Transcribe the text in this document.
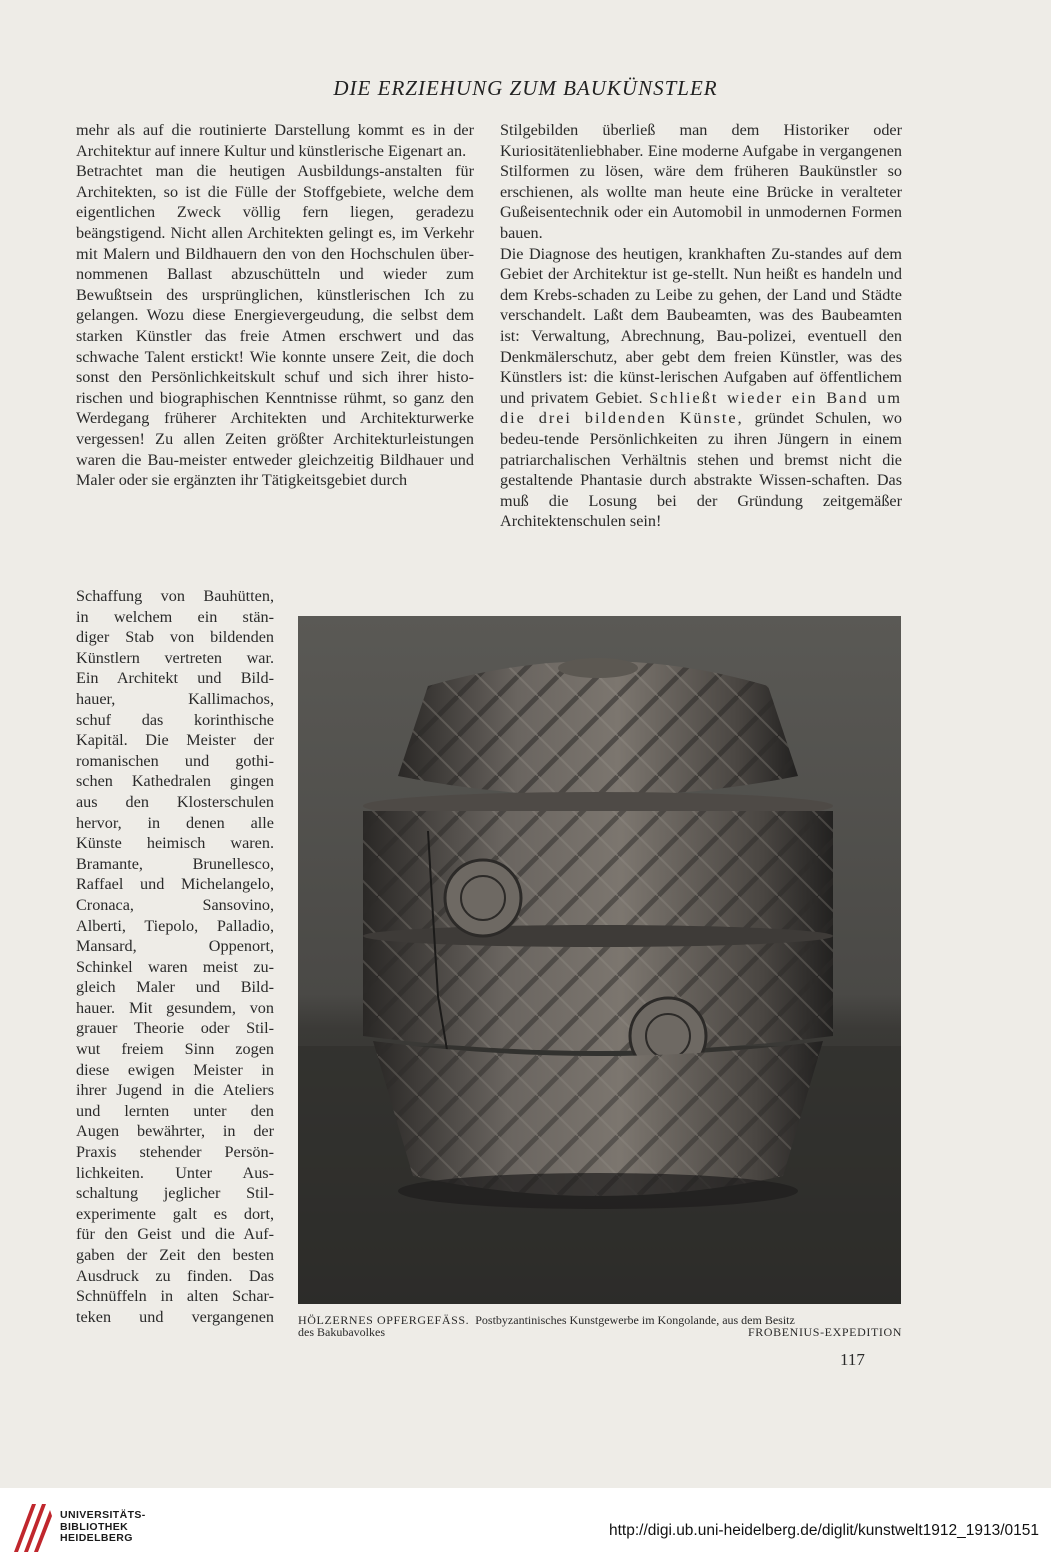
DIE ERZIEHUNG ZUM BAUKÜNSTLER

mehr als auf die routinierte Darstellung kommt es in der Architektur auf innere Kultur und künstlerische Eigenart an.

Betrachtet man die heutigen Ausbildungs-anstalten für Architekten, so ist die Fülle der Stoffgebiete, welche dem eigentlichen Zweck völlig fern liegen, geradezu beängstigend. Nicht allen Architekten gelingt es, im Verkehr mit Malern und Bildhauern den von den Hochschulen über-nommenen Ballast abzuschütteln und wieder zum Bewußtsein des ursprünglichen, künstlerischen Ich zu gelangen. Wozu diese Energievergeudung, die selbst dem starken Künstler das freie Atmen erschwert und das schwache Talent erstickt! Wie konnte unsere Zeit, die doch sonst den Persönlichkeitskult schuf und sich ihrer histo-rischen und biographischen Kenntnisse rühmt, so ganz den Werdegang früherer Architekten und Architekturwerke vergessen! Zu allen Zeiten größter Architekturleistungen waren die Bau-meister entweder gleichzeitig Bildhauer und Maler oder sie ergänzten ihr Tätigkeitsgebiet durch

Schaffung von Bauhütten,
in welchem ein stän-
diger Stab von bildenden
Künstlern vertreten war.
Ein Architekt und Bild-
hauer, Kallimachos,
schuf das korinthische
Kapitäl. Die Meister der
romanischen und gothi-
schen Kathedralen gingen
aus den Klosterschulen
hervor, in denen alle
Künste heimisch waren.
Bramante, Brunellesco,
Raffael und Michelangelo,
Cronaca, Sansovino,
Alberti, Tiepolo, Palladio,
Mansard, Oppenort,
Schinkel waren meist zu-
gleich Maler und Bild-
hauer. Mit gesundem, von
grauer Theorie oder Stil-
wut freiem Sinn zogen
diese ewigen Meister in
ihrer Jugend in die Ateliers
und lernten unter den
Augen bewährter, in der
Praxis stehender Persön-
lichkeiten. Unter Aus-
schaltung jeglicher Stil-
experimente galt es dort,
für den Geist und die Auf-
gaben der Zeit den besten
Ausdruck zu finden. Das
Schnüffeln in alten Schar-
teken und vergangenen

Stilgebilden überließ man dem Historiker oder Kuriositätenliebhaber. Eine moderne Aufgabe in vergangenen Stilformen zu lösen, wäre dem früheren Baukünstler so erschienen, als wollte man heute eine Brücke in veralteter Gußeisentechnik oder ein Automobil in unmodernen Formen bauen.

Die Diagnose des heutigen, krankhaften Zu-standes auf dem Gebiet der Architektur ist ge-stellt. Nun heißt es handeln und dem Krebs-schaden zu Leibe zu gehen, der Land und Städte verschandelt. Laßt dem Baubeamten, was des Baubeamten ist: Verwaltung, Abrechnung, Bau-polizei, eventuell den Denkmälerschutz, aber gebt dem freien Künstler, was des Künstlers ist: die künst-lerischen Aufgaben auf öffentlichem und privatem Gebiet. Schließt wieder ein Band um die drei bildenden Künste, gründet Schulen, wo bedeu-tende Persönlichkeiten zu ihren Jüngern in einem patriarchalischen Verhältnis stehen und bremst nicht die gestaltende Phantasie durch abstrakte Wissen-schaften. Das muß die Losung bei der Gründung zeitgemäßer Architektenschulen sein!

HÖLZERNES OPFERGEFÄSS. Postbyzantinisches Kunstgewerbe im Kongolande, aus dem Besitz
des Bakubavolkes	FROBENIUS-EXPEDITION
117
UNIVERSITÄTS-
BIBLIOTHEK
HEIDELBERG	http://digi.ub.uni-heidelberg.de/diglit/kunstwelt1912_1913/0151
